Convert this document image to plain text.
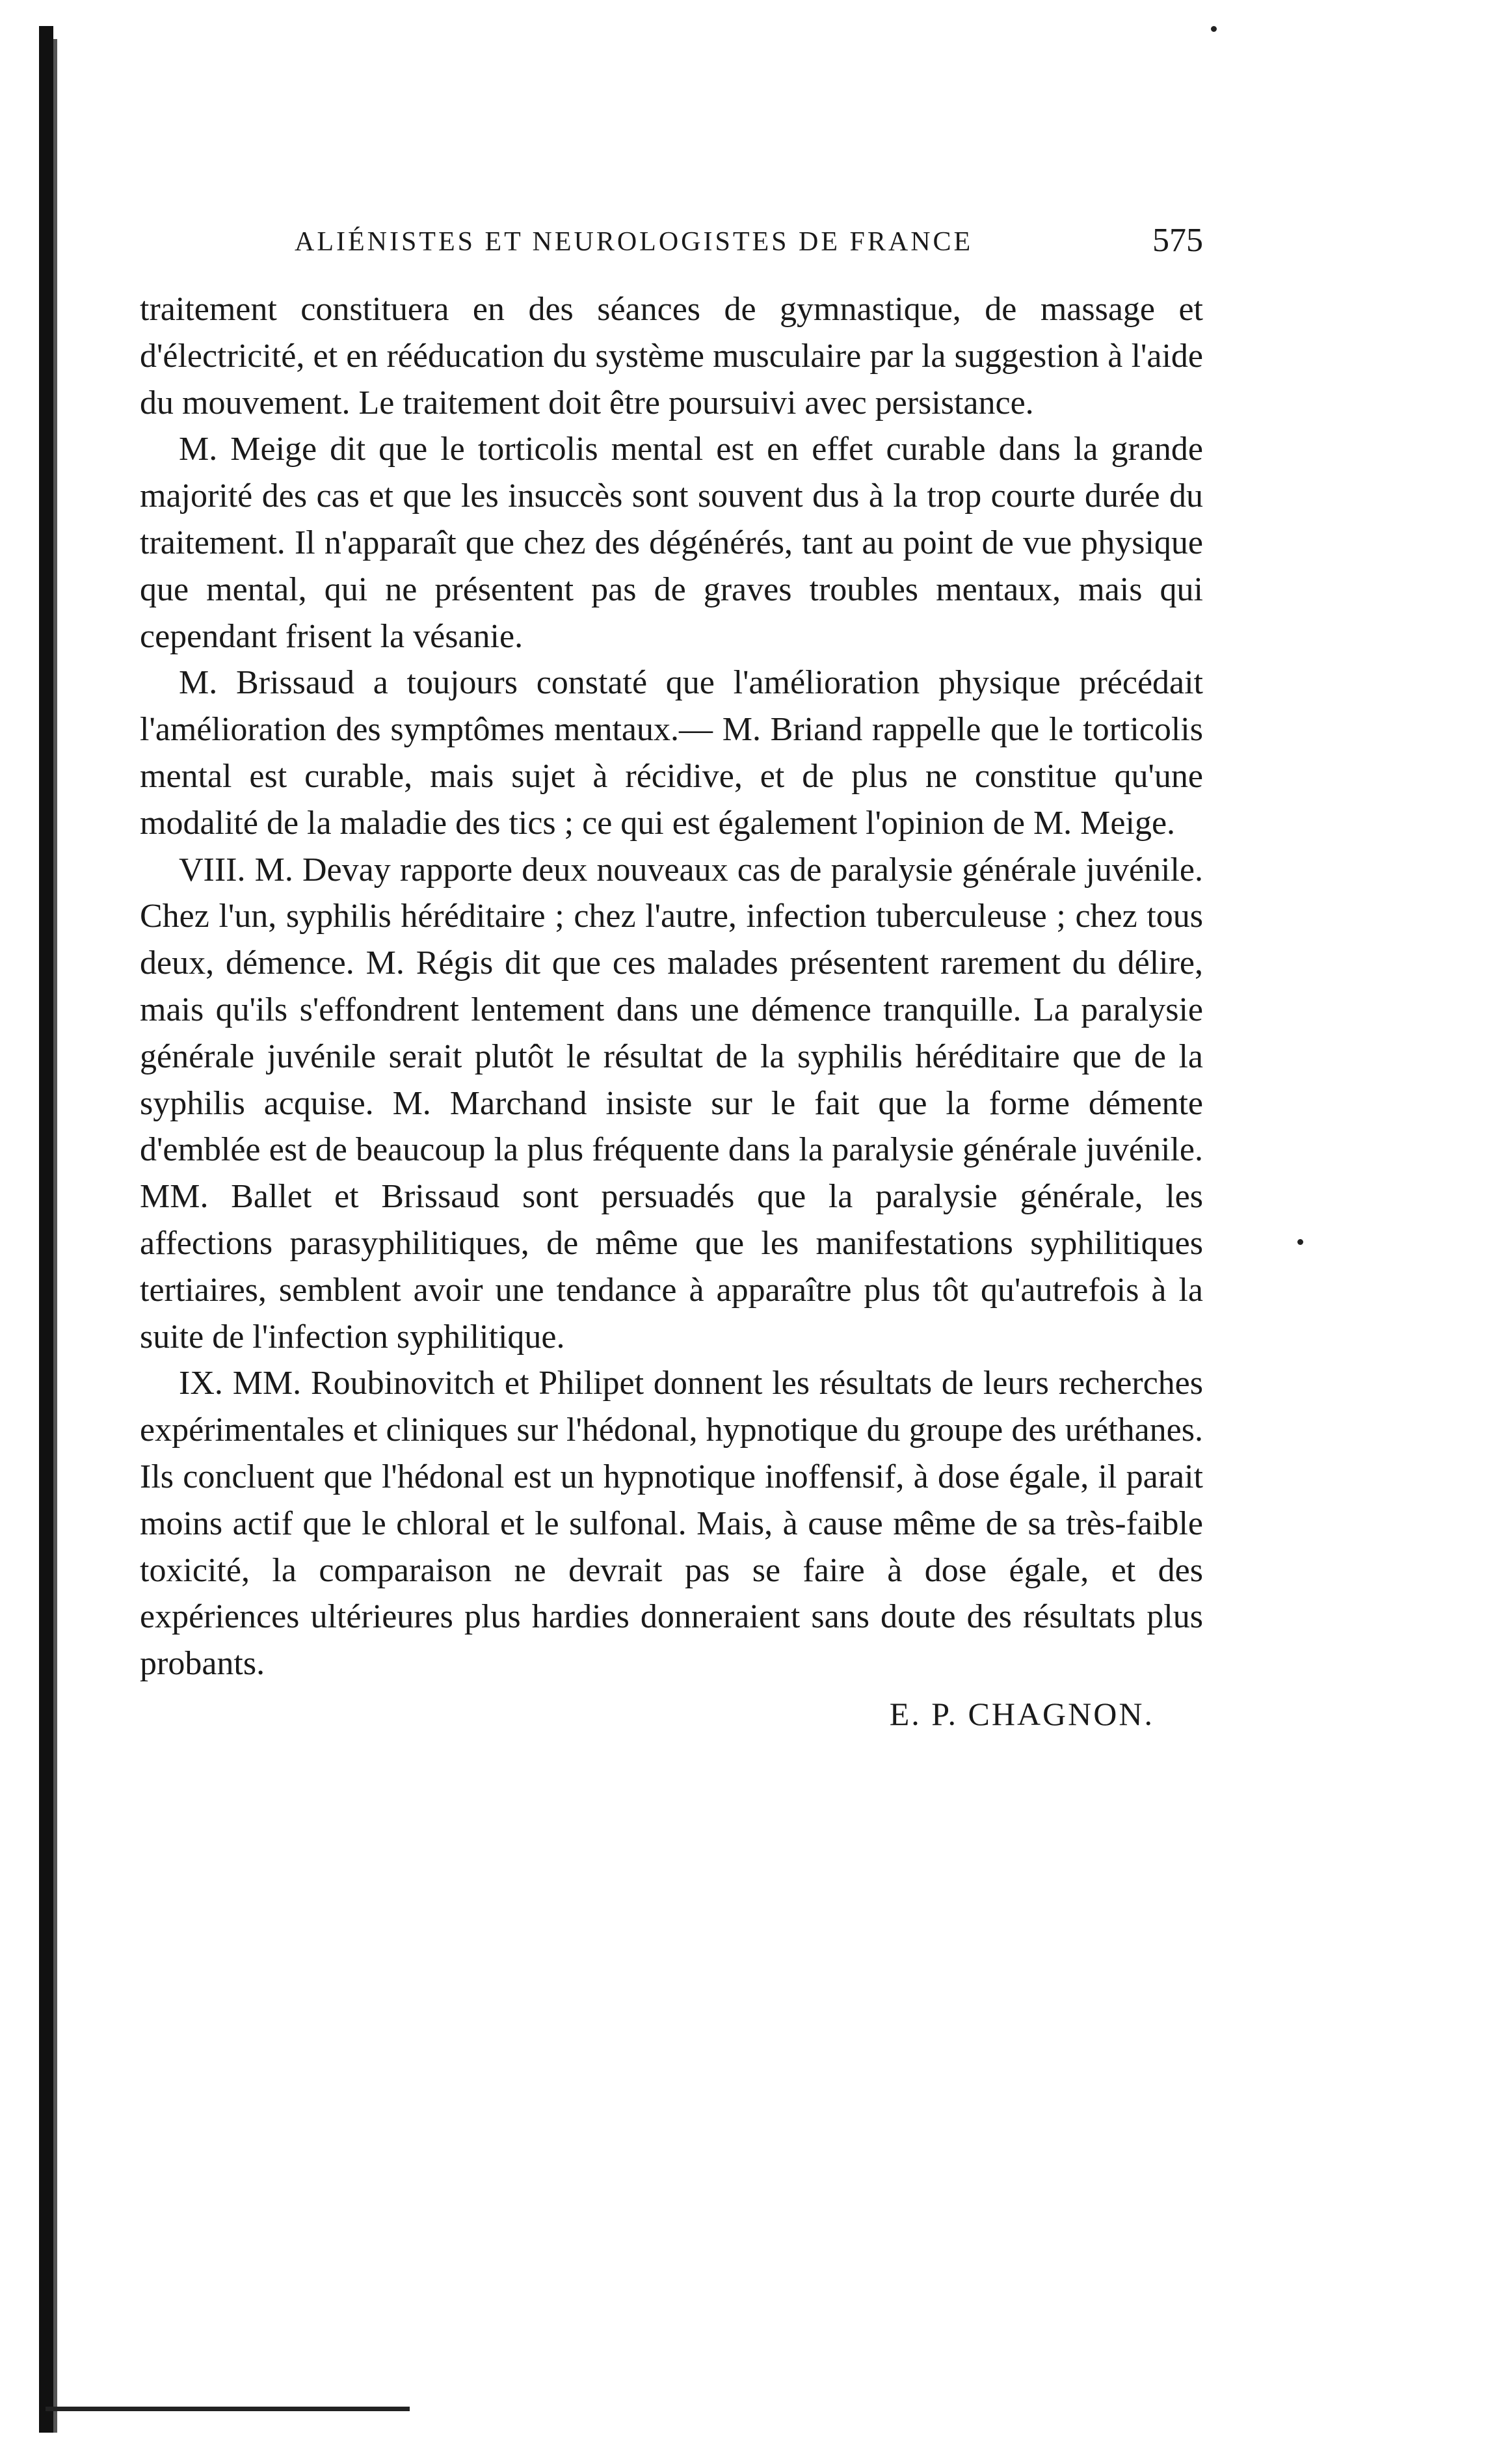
ALIÉNISTES ET NEUROLOGISTES DE FRANCE	575

traitement constituera en des séances de gymnastique, de massage et d'électricité, et en rééducation du système musculaire par la suggestion à l'aide du mouvement. Le traitement doit être poursuivi avec persistance.

M. Meige dit que le torticolis mental est en effet curable dans la grande majorité des cas et que les insuccès sont souvent dus à la trop courte durée du traitement. Il n'apparaît que chez des dégénérés, tant au point de vue physique que mental, qui ne présentent pas de graves troubles mentaux, mais qui cependant frisent la vésanie.

M. Brissaud a toujours constaté que l'amélioration physique précédait l'amélioration des symptômes mentaux.— M. Briand rappelle que le torticolis mental est curable, mais sujet à récidive, et de plus ne constitue qu'une modalité de la maladie des tics ; ce qui est également l'opinion de M. Meige.

VIII. M. Devay rapporte deux nouveaux cas de paralysie générale juvénile. Chez l'un, syphilis héréditaire ; chez l'autre, infection tuberculeuse ; chez tous deux, démence. M. Régis dit que ces malades présentent rarement du délire, mais qu'ils s'effondrent lentement dans une démence tranquille. La paralysie générale juvénile serait plutôt le résultat de la syphilis héréditaire que de la syphilis acquise. M. Marchand insiste sur le fait que la forme démente d'emblée est de beaucoup la plus fréquente dans la paralysie générale juvénile. MM. Ballet et Brissaud sont persuadés que la paralysie générale, les affections parasyphilitiques, de même que les manifestations syphilitiques tertiaires, semblent avoir une tendance à apparaître plus tôt qu'autrefois à la suite de l'infection syphilitique.

IX. MM. Roubinovitch et Philipet donnent les résultats de leurs recherches expérimentales et cliniques sur l'hédonal, hypnotique du groupe des uréthanes. Ils concluent que l'hédonal est un hypnotique inoffensif, à dose égale, il parait moins actif que le chloral et le sulfonal. Mais, à cause même de sa très-faible toxicité, la comparaison ne devrait pas se faire à dose égale, et des expériences ultérieures plus hardies donneraient sans doute des résultats plus probants.

E. P. CHAGNON.
